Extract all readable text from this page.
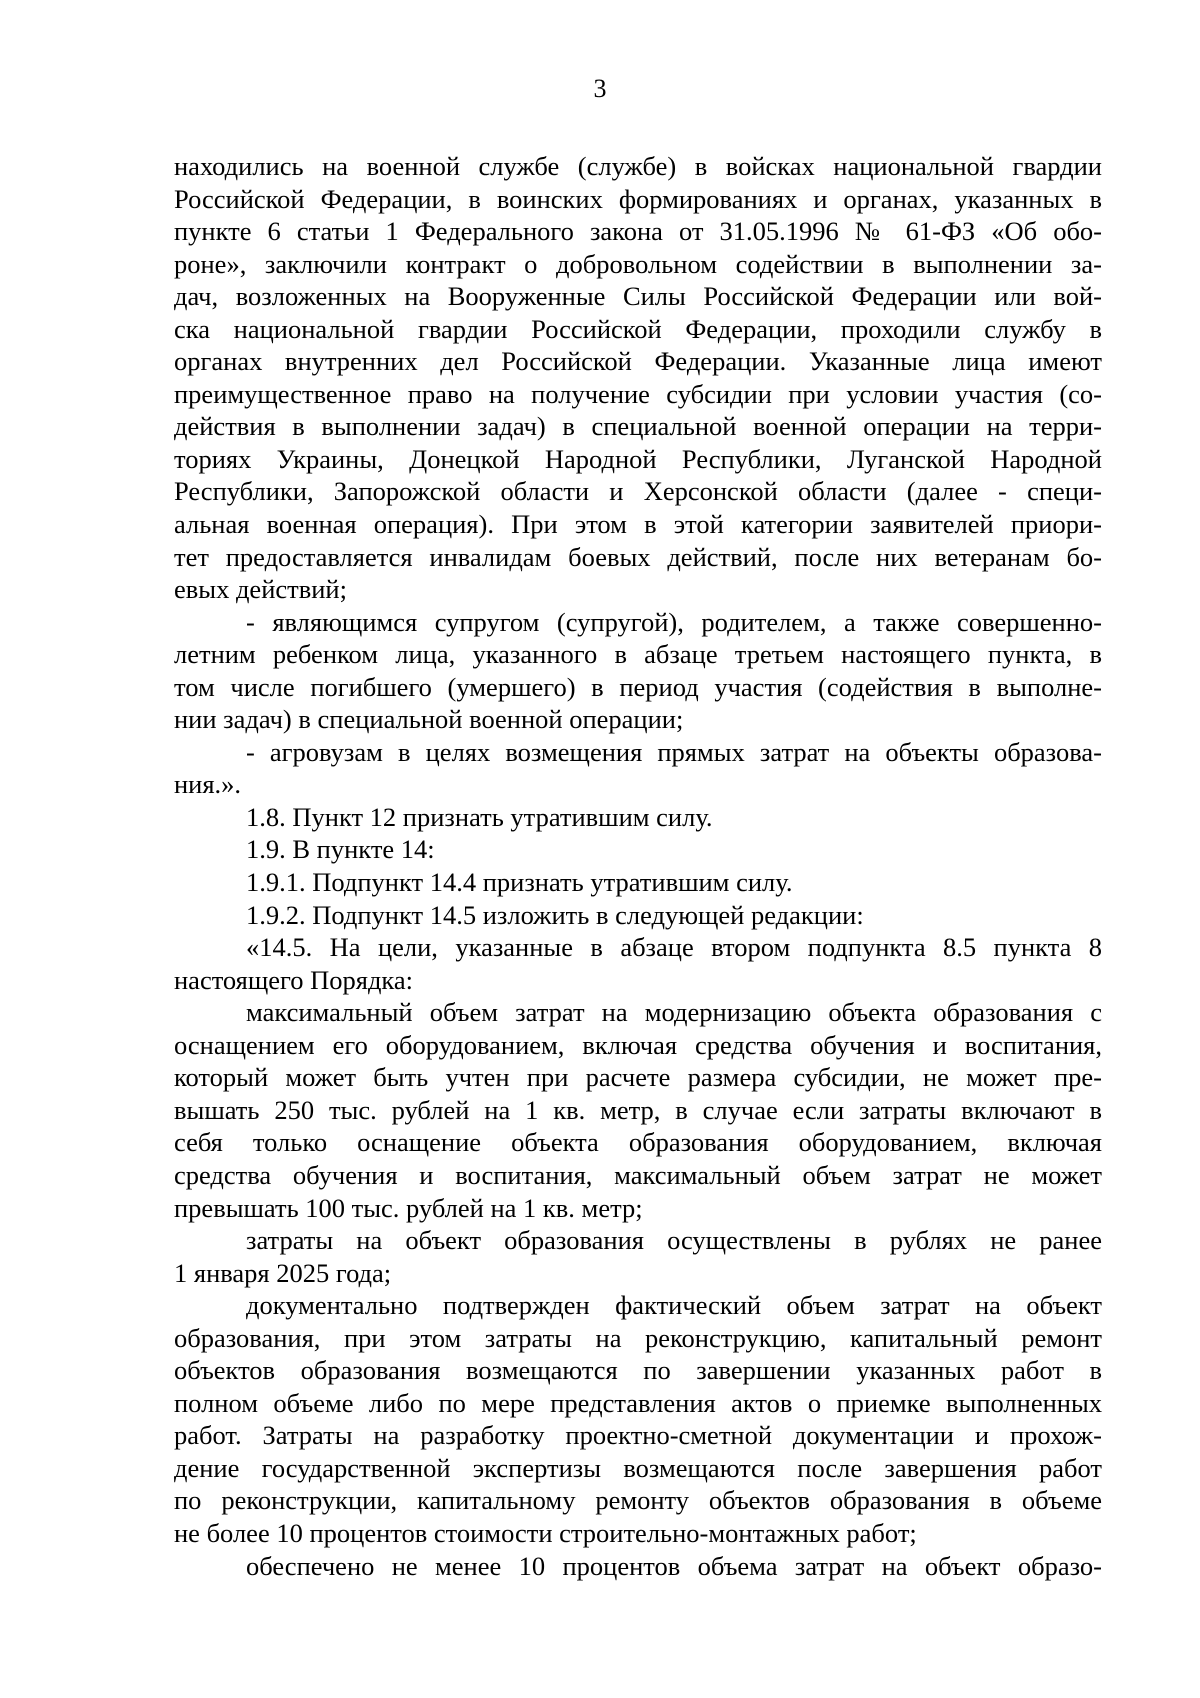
3
находились на военной службе (службе) в войсках национальной гвардии
Российской Федерации, в воинских формированиях и органах, указанных в
пункте 6 статьи 1 Федерального закона от 31.05.1996 № 61-ФЗ «Об обо-
роне», заключили контракт о добровольном содействии в выполнении за-
дач, возложенных на Вооруженные Силы Российской Федерации или вой-
ска национальной гвардии Российской Федерации, проходили службу в
органах внутренних дел Российской Федерации. Указанные лица имеют
преимущественное право на получение субсидии при условии участия (со-
действия в выполнении задач) в специальной военной операции на терри-
ториях Украины, Донецкой Народной Республики, Луганской Народной
Республики, Запорожской области и Херсонской области (далее - специ-
альная военная операция). При этом в этой категории заявителей приори-
тет предоставляется инвалидам боевых действий, после них ветеранам бо-
евых действий;
- являющимся супругом (супругой), родителем, а также совершенно-
летним ребенком лица, указанного в абзаце третьем настоящего пункта, в
том числе погибшего (умершего) в период участия (содействия в выполне-
нии задач) в специальной военной операции;
- агровузам в целях возмещения прямых затрат на объекты образова-
ния.».
1.8. Пункт 12 признать утратившим силу.
1.9. В пункте 14:
1.9.1. Подпункт 14.4 признать утратившим силу.
1.9.2. Подпункт 14.5 изложить в следующей редакции:
«14.5. На цели, указанные в абзаце втором подпункта 8.5 пункта 8
настоящего Порядка:
максимальный объем затрат на модернизацию объекта образования с
оснащением его оборудованием, включая средства обучения и воспитания,
который может быть учтен при расчете размера субсидии, не может пре-
вышать 250 тыс. рублей на 1 кв. метр, в случае если затраты включают в
себя только оснащение объекта образования оборудованием, включая
средства обучения и воспитания, максимальный объем затрат не может
превышать 100 тыс. рублей на 1 кв. метр;
затраты на объект образования осуществлены в рублях не ранее
1 января 2025 года;
документально подтвержден фактический объем затрат на объект
образования, при этом затраты на реконструкцию, капитальный ремонт
объектов образования возмещаются по завершении указанных работ в
полном объеме либо по мере представления актов о приемке выполненных
работ. Затраты на разработку проектно-сметной документации и прохож-
дение государственной экспертизы возмещаются после завершения работ
по реконструкции, капитальному ремонту объектов образования в объеме
не более 10 процентов стоимости строительно-монтажных работ;
обеспечено не менее 10 процентов объема затрат на объект образо-
